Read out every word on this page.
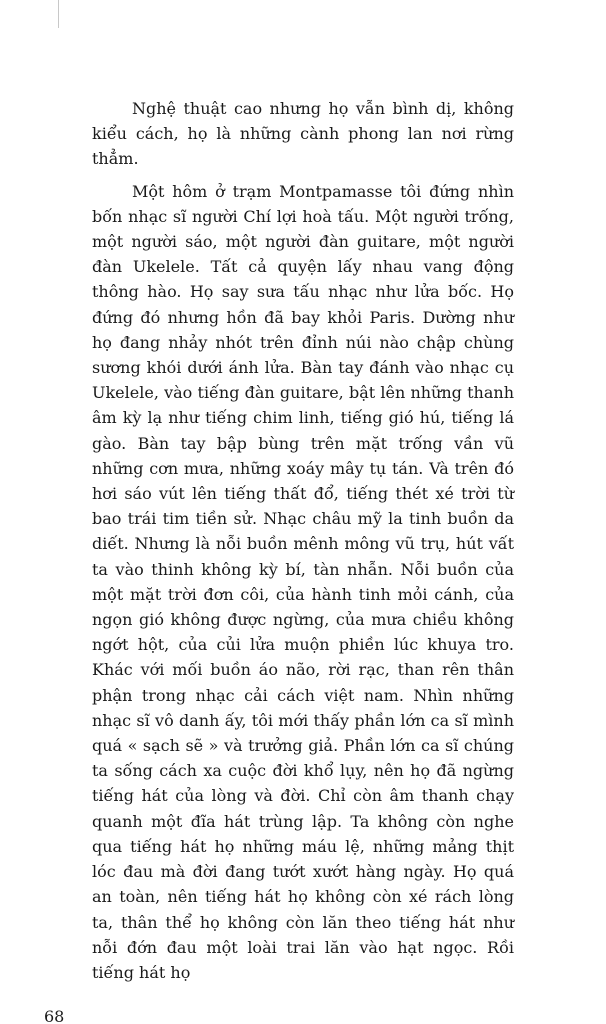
Nghệ thuật cao nhưng họ vẫn bình dị, không kiểu cách, họ là những cành phong lan nơi rừng thẳm.

Một hôm ở trạm Montpamasse tôi đứng nhìn bốn nhạc sĩ người Chí lợi hoà tấu. Một người trống, một người sáo, một người đàn guitare, một người đàn Ukelele. Tất cả quyện lấy nhau vang động thông hào. Họ say sưa tấu nhạc như lửa bốc. Họ đứng đó nhưng hồn đã bay khỏi Paris. Dường như họ đang nhảy nhót trên đỉnh núi nào chập chùng sương khói dưới ánh lửa. Bàn tay đánh vào nhạc cụ Ukelele, vào tiếng đàn guitare, bật lên những thanh âm kỳ lạ như tiếng chim linh, tiếng gió hú, tiếng lá gào. Bàn tay bập bùng trên mặt trống vần vũ những cơn mưa, những xoáy mây tụ tán. Và trên đó hơi sáo vút lên tiếng thất đổ, tiếng thét xé trời từ bao trái tim tiền sử. Nhạc châu mỹ la tinh buồn da diết. Nhưng là nỗi buồn mênh mông vũ trụ, hút vất ta vào thinh không kỳ bí, tàn nhẫn. Nỗi buồn của một mặt trời đơn côi, của hành tinh mỏi cánh, của ngọn gió không được ngừng, của mưa chiều không ngớt hột, của củi lửa muộn phiền lúc khuya tro. Khác với mối buồn áo não, rời rạc, than rên thân phận trong nhạc cải cách việt nam. Nhìn những nhạc sĩ vô danh ấy, tôi mới thấy phần lớn ca sĩ mình quá « sạch sẽ » và trưởng giả. Phần lớn ca sĩ chúng ta sống cách xa cuộc đời khổ lụy, nên họ đã ngừng tiếng hát của lòng và đời. Chỉ còn âm thanh chạy quanh một đĩa hát trùng lập. Ta không còn nghe qua tiếng hát họ những máu lệ, những mảng thịt lóc đau mà đời đang tướt xướt hàng ngày. Họ quá an toàn, nên tiếng hát họ không còn xé rách lòng ta, thân thể họ không còn lăn theo tiếng hát như nỗi đớn đau một loài trai lăn vào hạt ngọc. Rồi tiếng hát họ

68
